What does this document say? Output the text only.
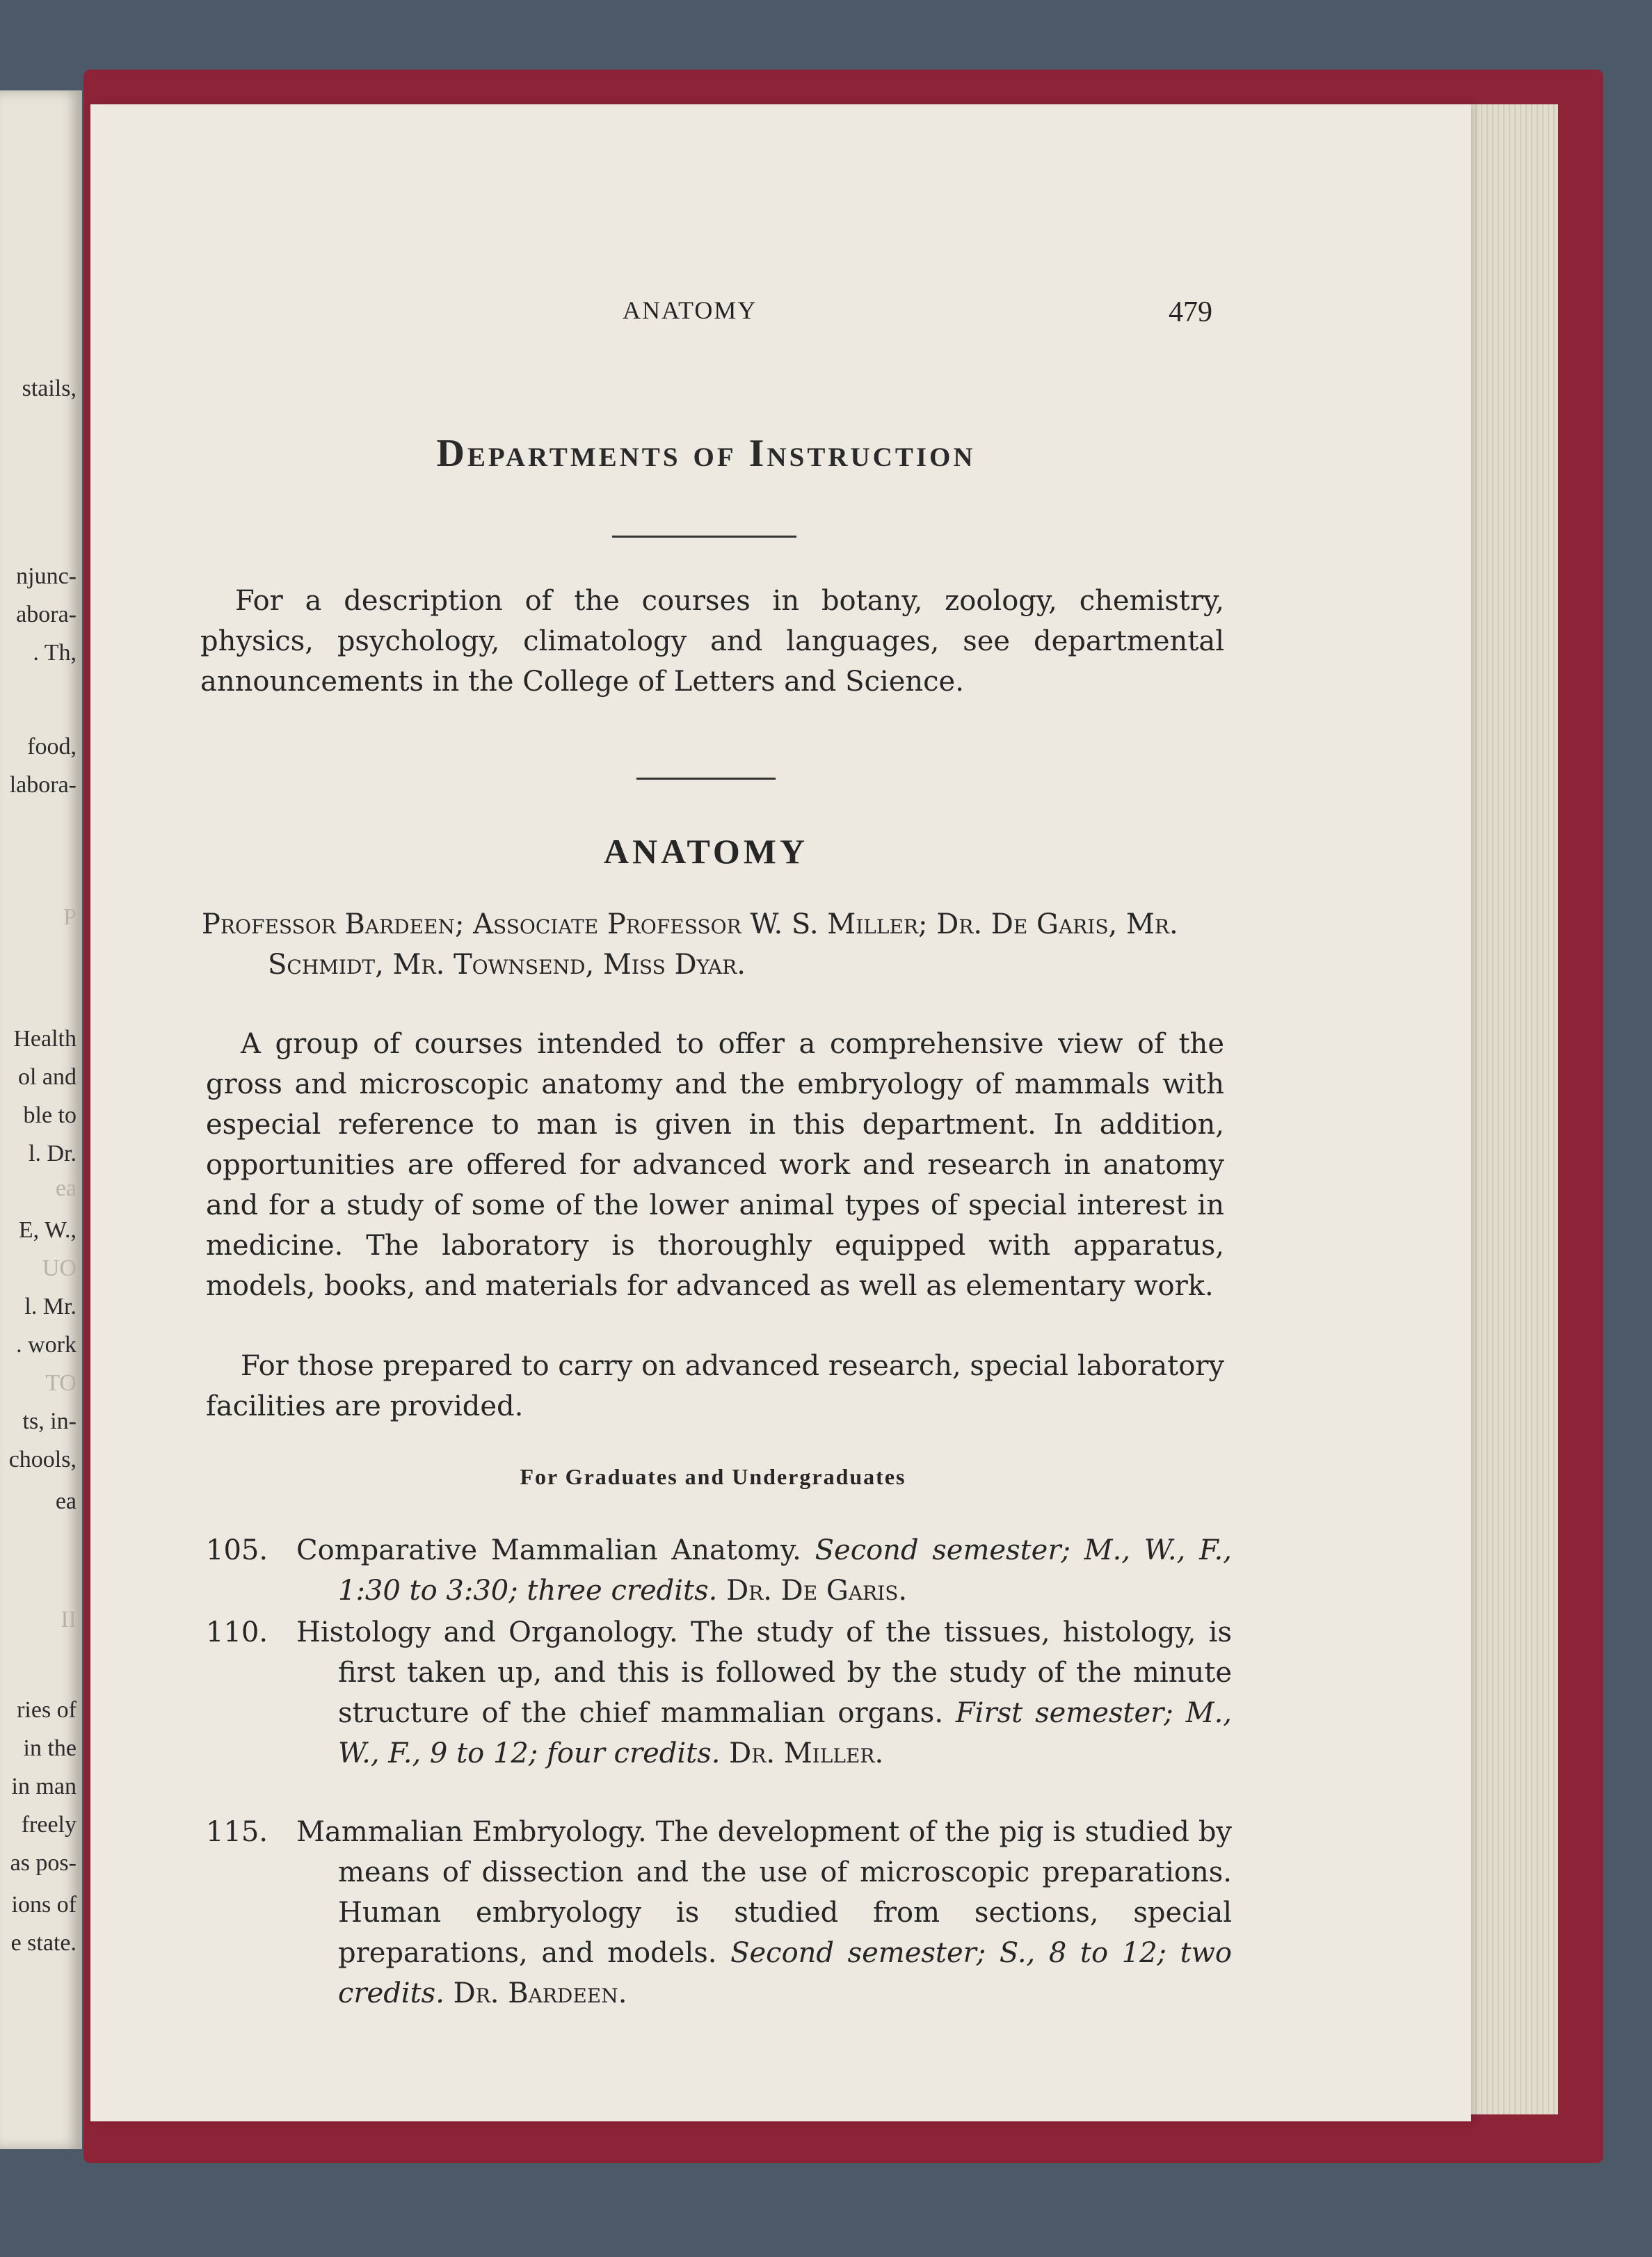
stails,
njunc-
abora-
. Th,
food,
labora-
P
Health
ol and
ble to
l. Dr.
ea
E, W.,
UO
l. Mr.
. work
TO
ts, in-
chools,
ea
II
ries of
in the
in man
freely
as pos-
ions of
e state.
ANATOMY	479
Departments of Instruction
For a description of the courses in botany, zoology, chemistry, physics, psychology, climatology and languages, see departmental announcements in the College of Letters and Science.
ANATOMY
Professor Bardeen; Associate Professor W. S. Miller; Dr. De Garis, Mr. Schmidt, Mr. Townsend, Miss Dyar.
A group of courses intended to offer a comprehensive view of the gross and microscopic anatomy and the embryology of mammals with especial reference to man is given in this department. In addition, opportunities are offered for advanced work and research in anatomy and for a study of some of the lower animal types of special interest in medicine. The laboratory is thoroughly equipped with apparatus, models, books, and materials for advanced as well as elementary work.
For those prepared to carry on advanced research, special laboratory facilities are provided.
For Graduates and Undergraduates
105.	Comparative Mammalian Anatomy. Second semester; M., W., F., 1:30 to 3:30; three credits. Dr. De Garis.
110.	Histology and Organology. The study of the tissues, histology, is first taken up, and this is followed by the study of the minute structure of the chief mammalian organs. First semester; M., W., F., 9 to 12; four credits. Dr. Miller.
115.	Mammalian Embryology. The development of the pig is studied by means of dissection and the use of microscopic preparations. Human embryology is studied from sections, special preparations, and models. Second semester; S., 8 to 12; two credits. Dr. Bardeen.
